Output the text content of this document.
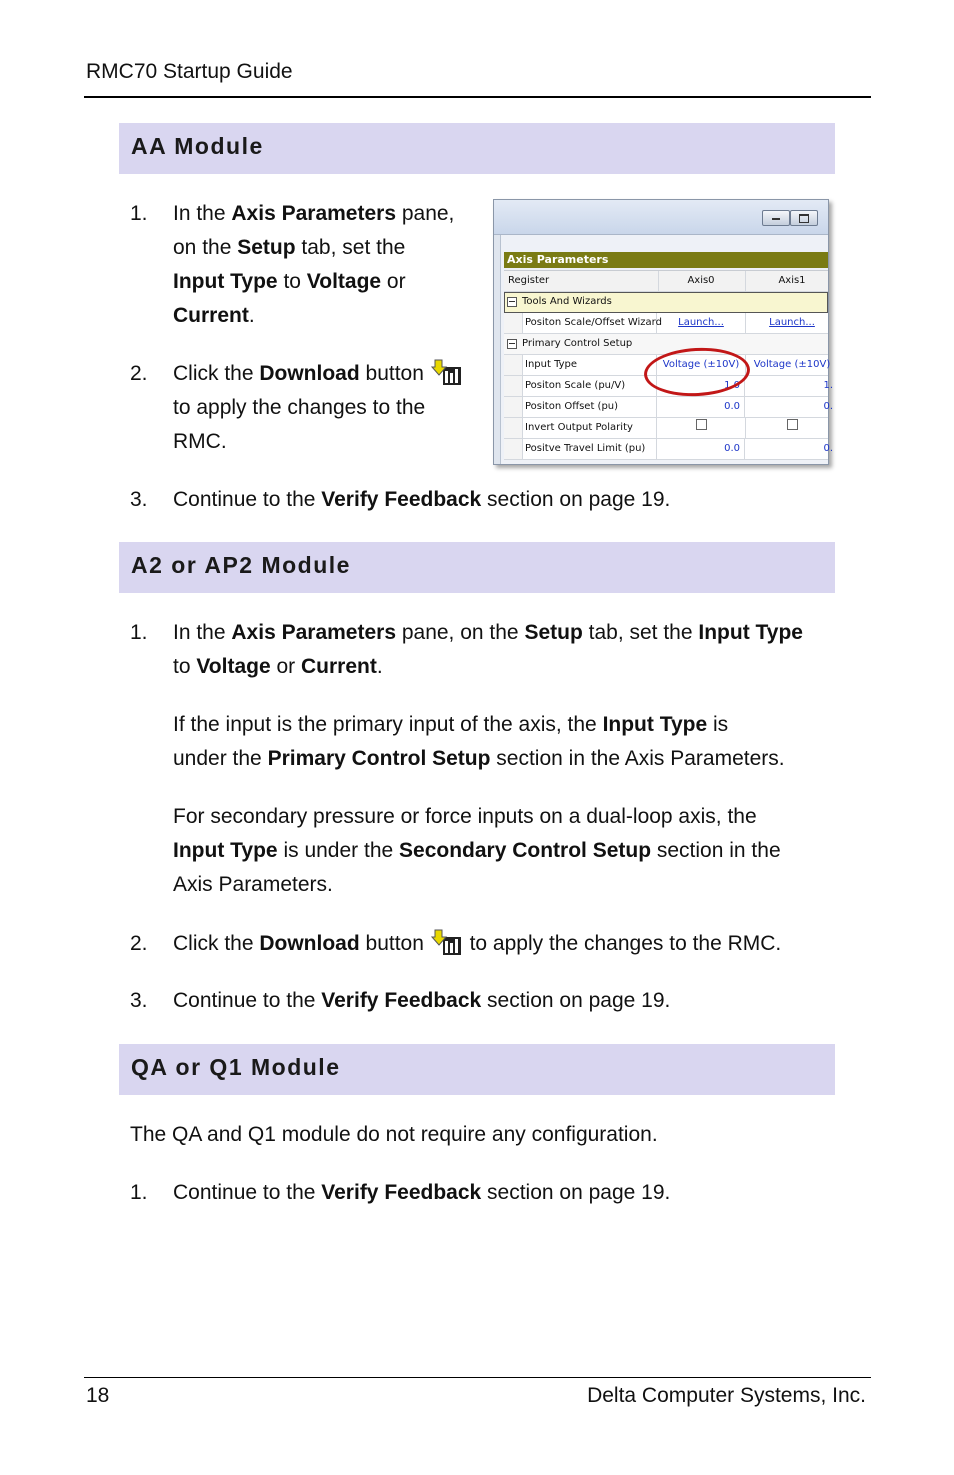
RMC70 Startup Guide
AA Module
1. In the Axis Parameters pane,
on the Setup tab, set the
Input Type to Voltage or
Current.
2. Click the Download button
to apply the changes to the
RMC.
Axis Parameters
Register	Axis0	Axis1
Tools And Wizards
Positon Scale/Offset Wizard	Launch...	Launch...
Primary Control Setup
Input Type	Voltage (±10V)	Voltage (±10V)
Positon Scale (pu/V)	1.0	1.
Positon Offset (pu)	0.0	0.
Invert Output Polarity
Positve Travel Limit (pu)	0.0	0.
3. Continue to the Verify Feedback section on page 19.
A2 or AP2 Module
1. In the Axis Parameters pane, on the Setup tab, set the Input Type
to Voltage or Current.
If the input is the primary input of the axis, the Input Type is
under the Primary Control Setup section in the Axis Parameters.
For secondary pressure or force inputs on a dual-loop axis, the
Input Type is under the Secondary Control Setup section in the
Axis Parameters.
2. Click the Download button  to apply the changes to the RMC.
3. Continue to the Verify Feedback section on page 19.
QA or Q1 Module
The QA and Q1 module do not require any configuration.
1. Continue to the Verify Feedback section on page 19.
18	Delta Computer Systems, Inc.
